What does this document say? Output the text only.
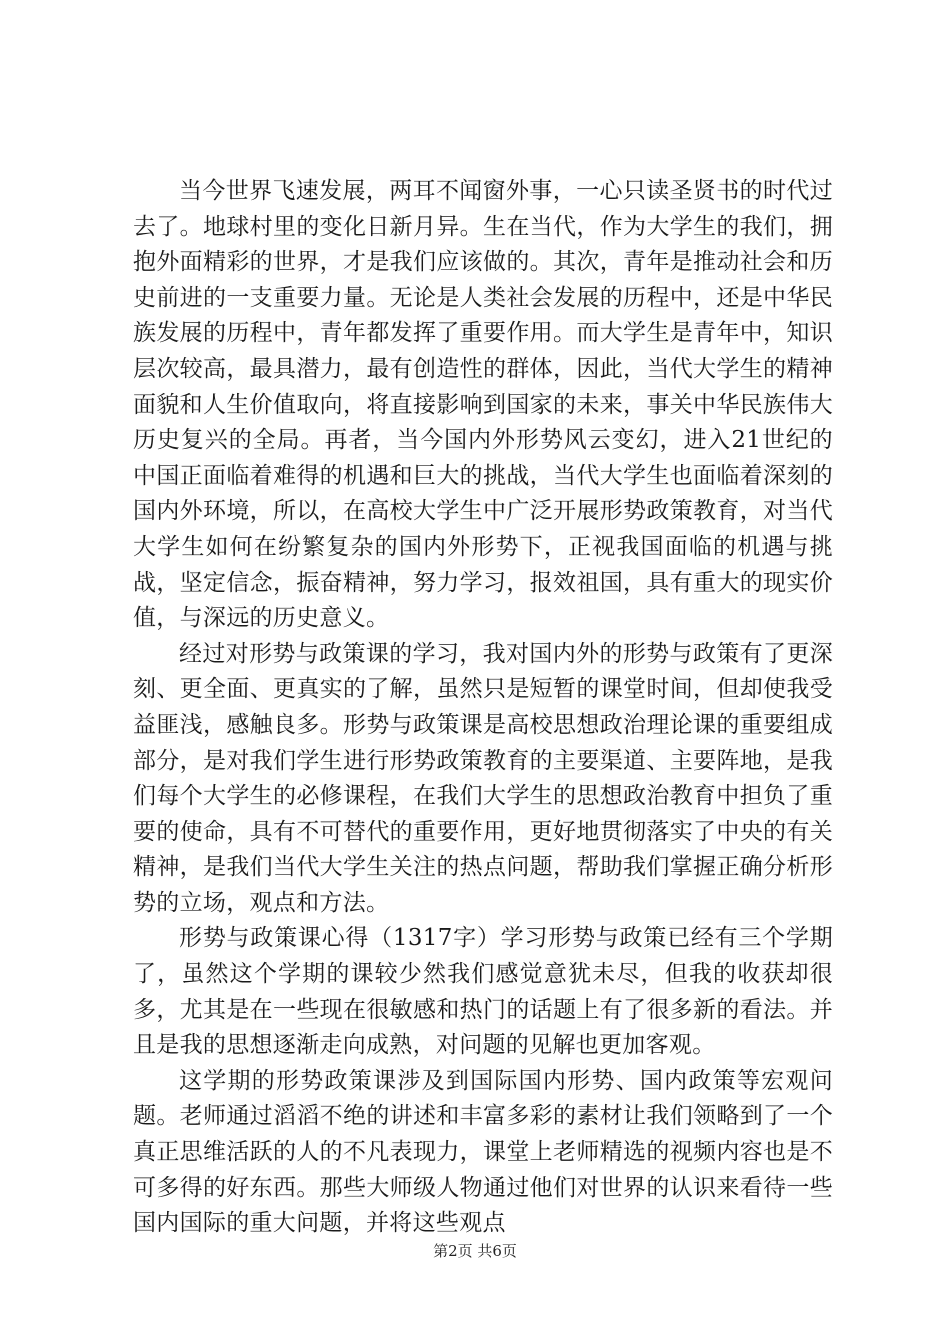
当今世界飞速发展，两耳不闻窗外事，一心只读圣贤书的时代过去了。地球村里的变化日新月异。生在当代，作为大学生的我们，拥抱外面精彩的世界，才是我们应该做的。其次，青年是推动社会和历史前进的一支重要力量。无论是人类社会发展的历程中，还是中华民族发展的历程中，青年都发挥了重要作用。而大学生是青年中，知识层次较高，最具潜力，最有创造性的群体，因此，当代大学生的精神面貌和人生价值取向，将直接影响到国家的未来，事关中华民族伟大历史复兴的全局。再者，当今国内外形势风云变幻，进入21世纪的中国正面临着难得的机遇和巨大的挑战，当代大学生也面临着深刻的国内外环境，所以，在高校大学生中广泛开展形势政策教育，对当代大学生如何在纷繁复杂的国内外形势下，正视我国面临的机遇与挑战，坚定信念，振奋精神，努力学习，报效祖国，具有重大的现实价值，与深远的历史意义。

经过对形势与政策课的学习，我对国内外的形势与政策有了更深刻、更全面、更真实的了解，虽然只是短暂的课堂时间，但却使我受益匪浅，感触良多。形势与政策课是高校思想政治理论课的重要组成部分，是对我们学生进行形势政策教育的主要渠道、主要阵地，是我们每个大学生的必修课程，在我们大学生的思想政治教育中担负了重要的使命，具有不可替代的重要作用，更好地贯彻落实了中央的有关精神，是我们当代大学生关注的热点问题，帮助我们掌握正确分析形势的立场，观点和方法。

形势与政策课心得（1317字）学习形势与政策已经有三个学期了，虽然这个学期的课较少然我们感觉意犹未尽，但我的收获却很多，尤其是在一些现在很敏感和热门的话题上有了很多新的看法。并且是我的思想逐渐走向成熟，对问题的见解也更加客观。

这学期的形势政策课涉及到国际国内形势、国内政策等宏观问题。老师通过滔滔不绝的讲述和丰富多彩的素材让我们领略到了一个真正思维活跃的人的不凡表现力，课堂上老师精选的视频内容也是不可多得的好东西。那些大师级人物通过他们对世界的认识来看待一些国内国际的重大问题，并将这些观点

第2页 共6页
